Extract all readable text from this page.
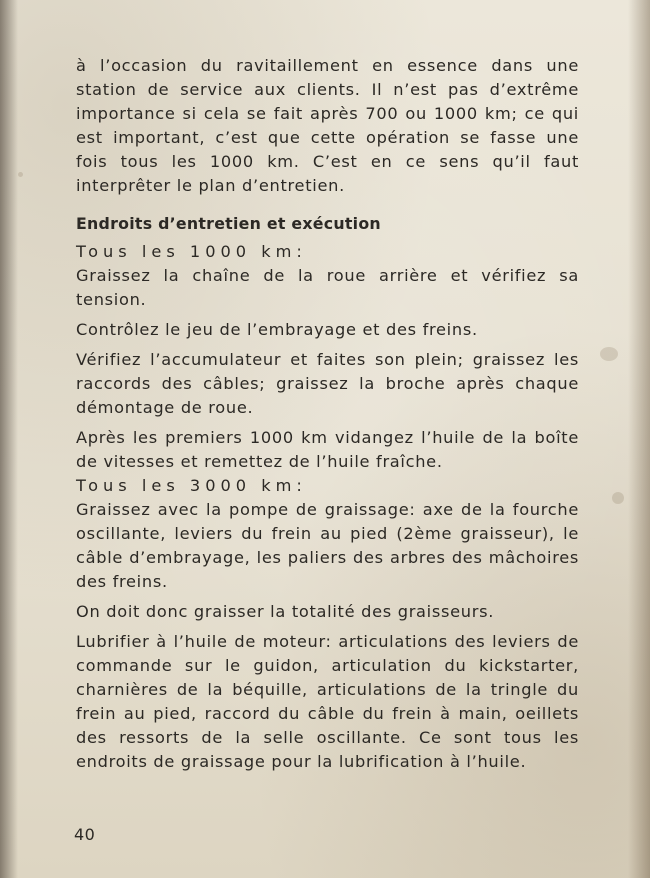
à l’occasion du ravitaillement en essence dans une station de service aux clients. Il n’est pas d’extrême importance si cela se fait après 700 ou 1000 km; ce qui est important, c’est que cette opération se fasse une fois tous les 1000 km. C’est en ce sens qu’il faut interprêter le plan d’entretien.

Endroits d’entretien et exécution

Tous les 1000 km:

Graissez la chaîne de la roue arrière et vérifiez sa tension.

Contrôlez le jeu de l’embrayage et des freins.

Vérifiez l’accumulateur et faites son plein; graissez les raccords des câbles; graissez la broche après chaque démontage de roue.

Après les premiers 1000 km vidangez l’huile de la boîte de vitesses et remettez de l’huile fraîche.

Tous les 3000 km:

Graissez avec la pompe de graissage: axe de la fourche oscillante, leviers du frein au pied (2ème graisseur), le câble d’embrayage, les paliers des arbres des mâchoires des freins.

On doit donc graisser la totalité des graisseurs.

Lubrifier à l’huile de moteur: articulations des leviers de commande sur le guidon, articulation du kickstarter, charnières de la béquille, articulations de la tringle du frein au pied, raccord du câble du frein à main, oeillets des ressorts de la selle oscillante. Ce sont tous les endroits de graissage pour la lubrification à l’huile.

40
